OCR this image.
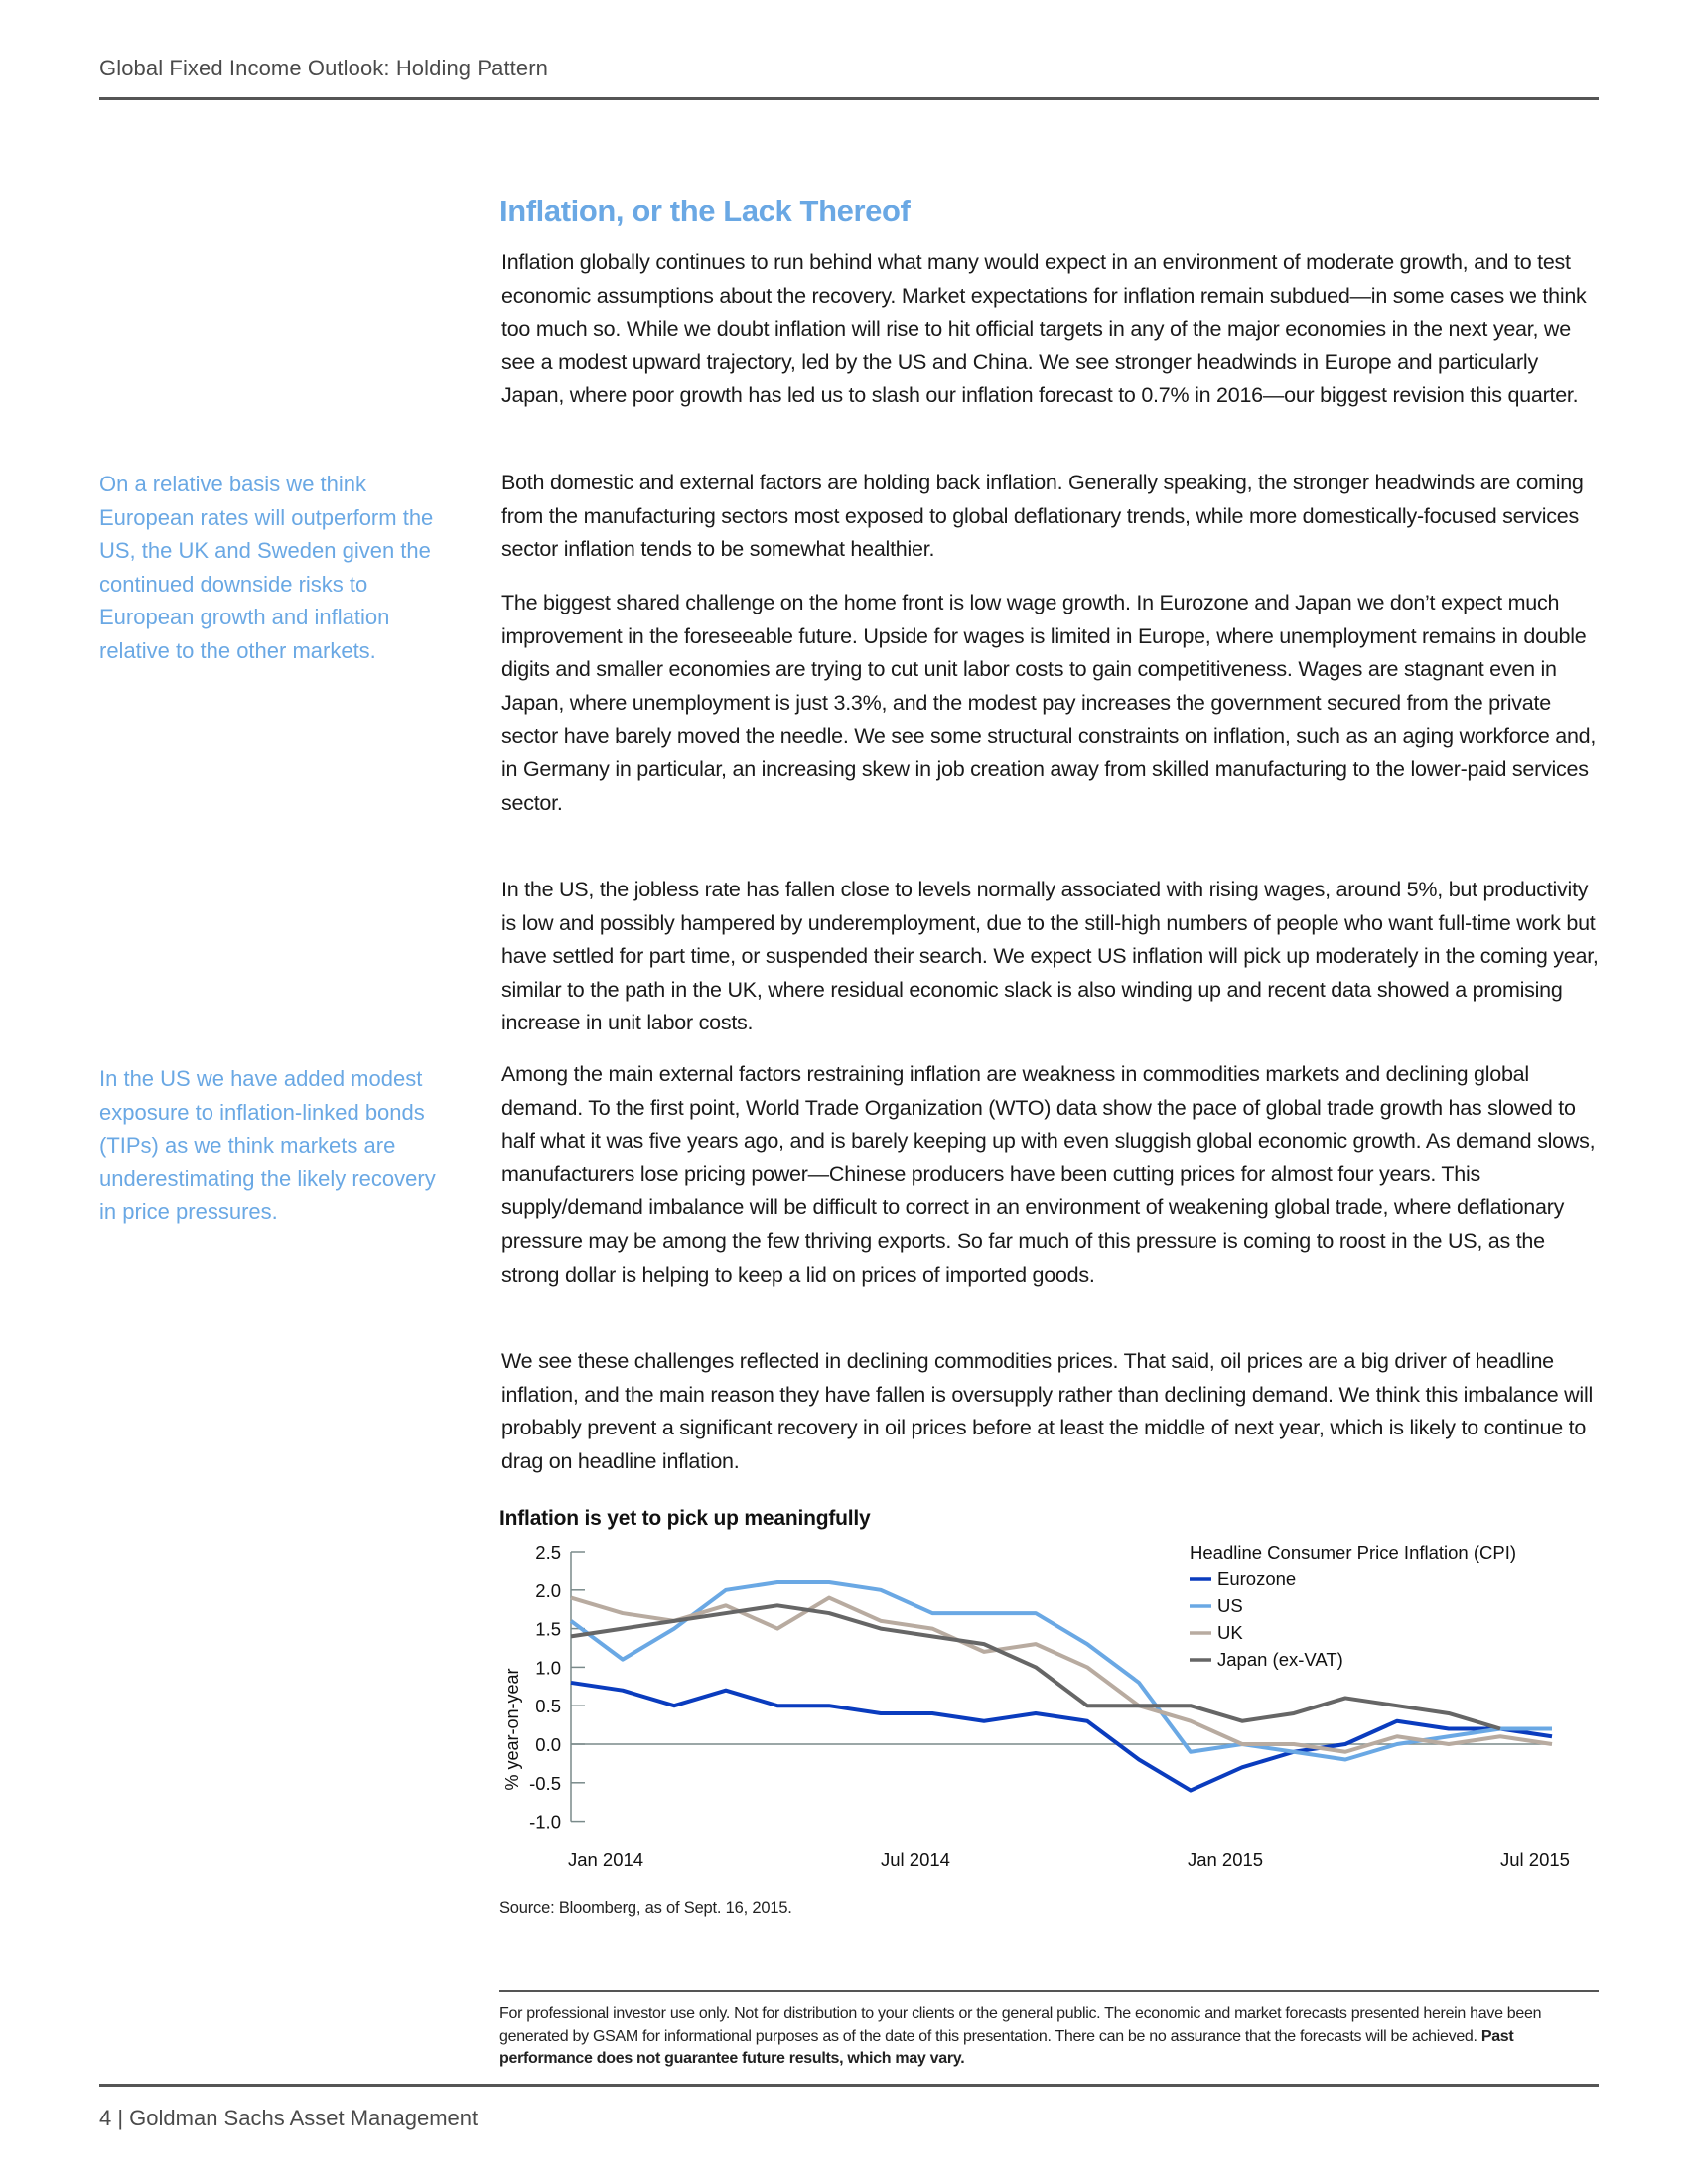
Global Fixed Income Outlook: Holding Pattern
Inflation, or the Lack Thereof
On a relative basis we think European rates will outperform the US, the UK and Sweden given the continued downside risks to European growth and inflation relative to the other markets.
In the US we have added modest exposure to inflation-linked bonds (TIPs) as we think markets are underestimating the likely recovery in price pressures.

Inflation globally continues to run behind what many would expect in an environment of moderate growth, and to test economic assumptions about the recovery. Market expectations for inflation remain subdued—in some cases we think too much so. While we doubt inflation will rise to hit official targets in any of the major economies in the next year, we see a modest upward trajectory, led by the US and China. We see stronger headwinds in Europe and particularly Japan, where poor growth has led us to slash our inflation forecast to 0.7% in 2016—our biggest revision this quarter.

Both domestic and external factors are holding back inflation. Generally speaking, the stronger headwinds are coming from the manufacturing sectors most exposed to global deflationary trends, while more domestically-focused services sector inflation tends to be somewhat healthier.

The biggest shared challenge on the home front is low wage growth. In Eurozone and Japan we don’t expect much improvement in the foreseeable future. Upside for wages is limited in Europe, where unemployment remains in double digits and smaller economies are trying to cut unit labor costs to gain competitiveness. Wages are stagnant even in Japan, where unemployment is just 3.3%, and the modest pay increases the government secured from the private sector have barely moved the needle. We see some structural constraints on inflation, such as an aging workforce and, in Germany in particular, an increasing skew in job creation away from skilled manufacturing to the lower-paid services sector.

In the US, the jobless rate has fallen close to levels normally associated with rising wages, around 5%, but productivity is low and possibly hampered by underemployment, due to the still-high numbers of people who want full-time work but have settled for part time, or suspended their search. We expect US inflation will pick up moderately in the coming year, similar to the path in the UK, where residual economic slack is also winding up and recent data showed a promising increase in unit labor costs.

Among the main external factors restraining inflation are weakness in commodities markets and declining global demand. To the first point, World Trade Organization (WTO) data show the pace of global trade growth has slowed to half what it was five years ago, and is barely keeping up with even sluggish global economic growth. As demand slows, manufacturers lose pricing power—Chinese producers have been cutting prices for almost four years. This supply/demand imbalance will be difficult to correct in an environment of weakening global trade, where deflationary pressure may be among the few thriving exports. So far much of this pressure is coming to roost in the US, as the strong dollar is helping to keep a lid on prices of imported goods.

We see these challenges reflected in declining commodities prices. That said, oil prices are a big driver of headline inflation, and the main reason they have fallen is oversupply rather than declining demand. We think this imbalance will probably prevent a significant recovery in oil prices before at least the middle of next year, which is likely to continue to drag on headline inflation.

Inflation is yet to pick up meaningfully
2.5
2.0
1.5
1.0
0.5
0.0
-0.5
-1.0
% year-on-year
Jan 2014	Jul 2014	Jan 2015	Jul 2015
Headline Consumer Price Inflation (CPI)
Eurozone
US
UK
Japan (ex-VAT)
Source: Bloomberg, as of Sept. 16, 2015.
For professional investor use only. Not for distribution to your clients or the general public. The economic and market forecasts presented herein have been generated by GSAM for informational purposes as of the date of this presentation. There can be no assurance that the forecasts will be achieved. Past performance does not guarantee future results, which may vary.
4 | Goldman Sachs Asset Management
